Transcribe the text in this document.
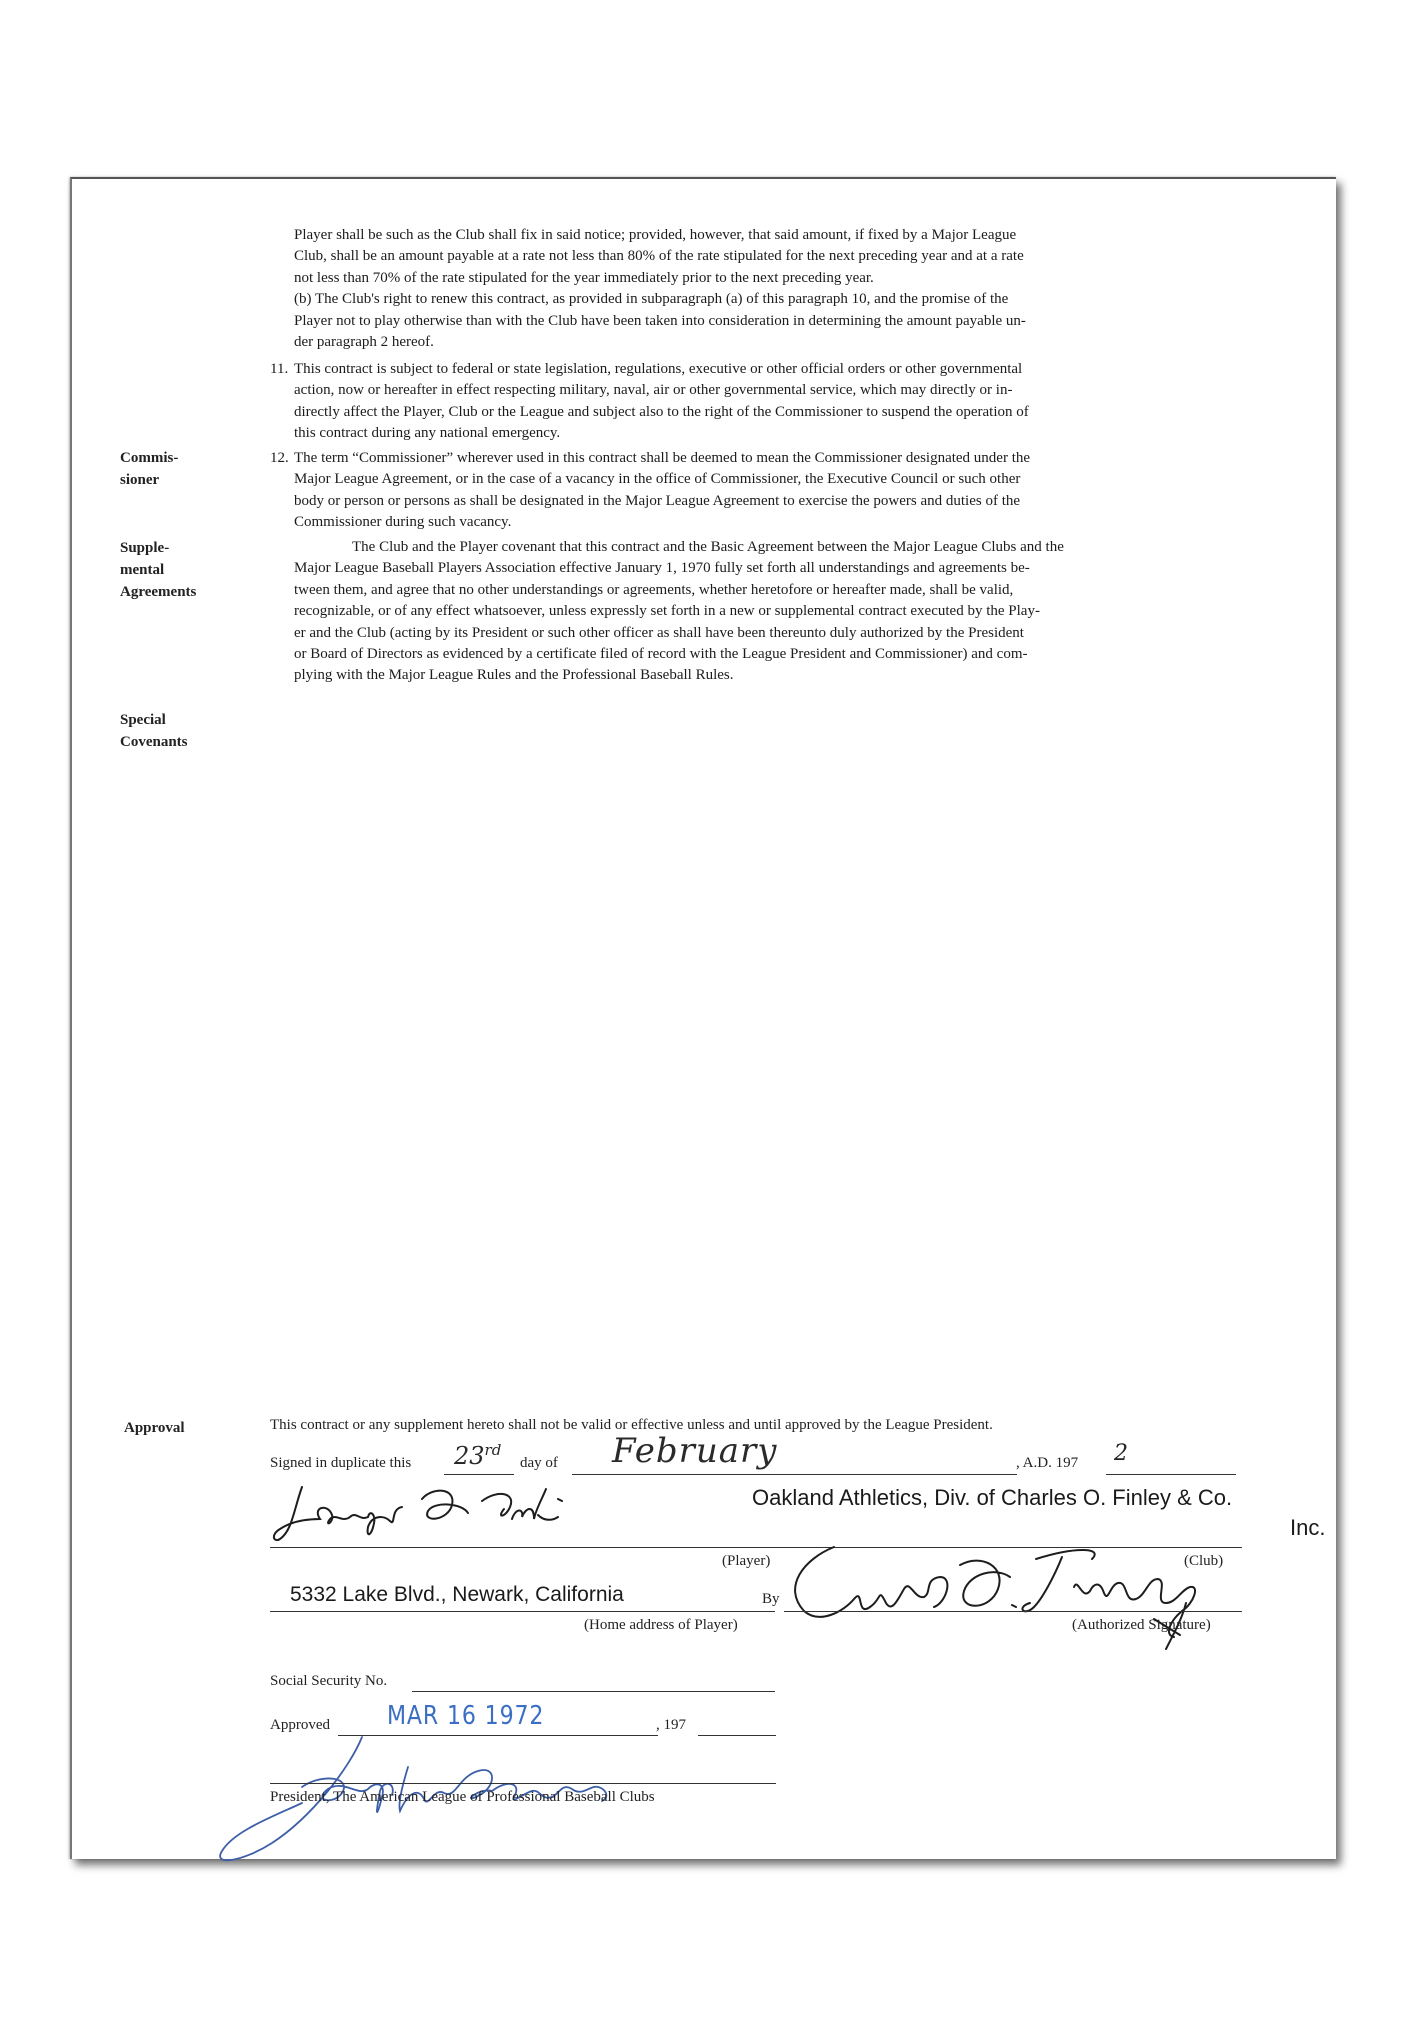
Player shall be such as the Club shall fix in said notice; provided, however, that said amount, if fixed by a Major League
Club, shall be an amount payable at a rate not less than 80% of the rate stipulated for the next preceding year and at a rate
not less than 70% of the rate stipulated for the year immediately prior to the next preceding year.
(b) The Club's right to renew this contract, as provided in subparagraph (a) of this paragraph 10, and the promise of the
Player not to play otherwise than with the Club have been taken into consideration in determining the amount payable un-
der paragraph 2 hereof.
11. This contract is subject to federal or state legislation, regulations, executive or other official orders or other governmental
action, now or hereafter in effect respecting military, naval, air or other governmental service, which may directly or in-
directly affect the Player, Club or the League and subject also to the right of the Commissioner to suspend the operation of
this contract during any national emergency.
Commis-
sioner
12. The term “Commissioner” wherever used in this contract shall be deemed to mean the Commissioner designated under the
Major League Agreement, or in the case of a vacancy in the office of Commissioner, the Executive Council or such other
body or person or persons as shall be designated in the Major League Agreement to exercise the powers and duties of the
Commissioner during such vacancy.
Supple-
mental
Agreements
The Club and the Player covenant that this contract and the Basic Agreement between the Major League Clubs and the
Major League Baseball Players Association effective January 1, 1970 fully set forth all understandings and agreements be-
tween them, and agree that no other understandings or agreements, whether heretofore or hereafter made, shall be valid,
recognizable, or of any effect whatsoever, unless expressly set forth in a new or supplemental contract executed by the Play-
er and the Club (acting by its President or such other officer as shall have been thereunto duly authorized by the President
or Board of Directors as evidenced by a certificate filed of record with the League President and Commissioner) and com-
plying with the Major League Rules and the Professional Baseball Rules.
Special
Covenants
Approval	This contract or any supplement hereto shall not be valid or effective unless and until approved by the League President.
Signed in duplicate this 23rd
day of February	, A.D. 197 2
(Player)
Oakland Athletics, Div. of Charles O. Finley & Co.
Inc.
(Club)
5332 Lake Blvd., Newark, California
(Home address of Player)
By
(Authorized Signature)
Social Security No.
Approved MAR 16 1972	, 197
President, The American League of Professional Baseball Clubs
